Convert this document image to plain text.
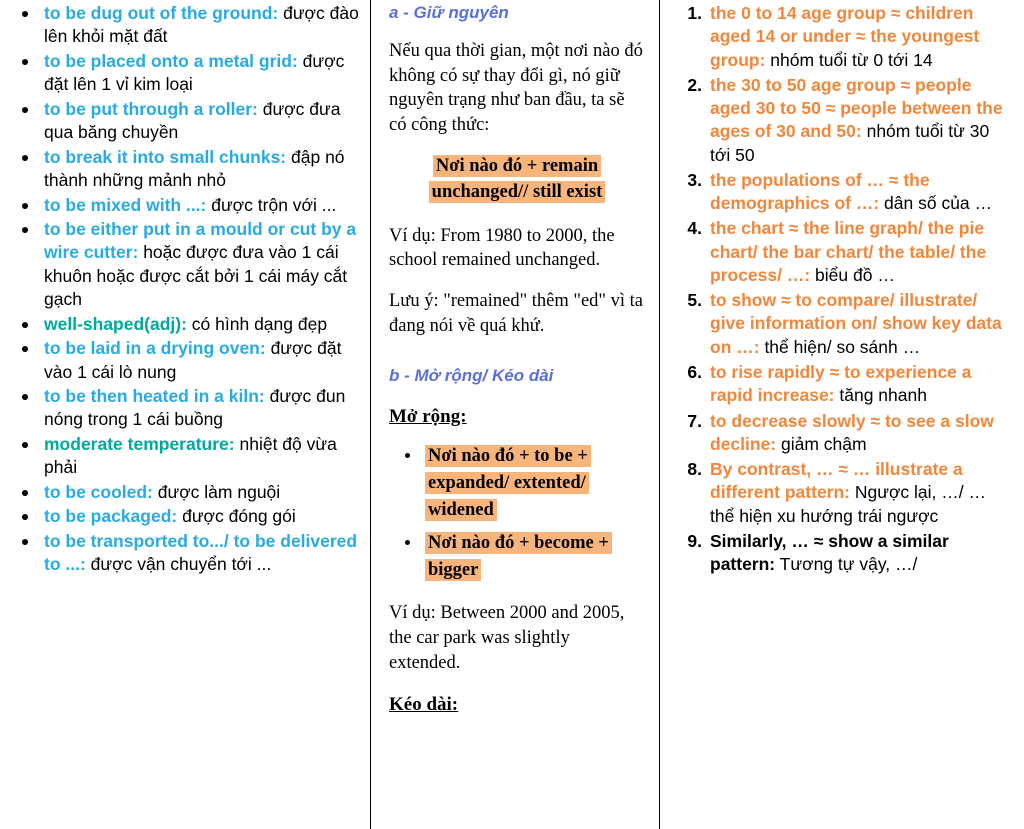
to be dug out of the ground: được đào lên khỏi mặt đất
to be placed onto a metal grid: được đặt lên 1 vỉ kim loại
to be put through a roller: được đưa qua băng chuyền
to break it into small chunks: đập nó thành những mảnh nhỏ
to be mixed with ...: được trộn với ...
to be either put in a mould or cut by a wire cutter: hoặc được đưa vào 1 cái khuôn hoặc được cắt bởi 1 cái máy cắt gạch
well-shaped(adj): có hình dạng đẹp
to be laid in a drying oven: được đặt vào 1 cái lò nung
to be then heated in a kiln: được đun nóng trong 1 cái buồng
moderate temperature: nhiệt độ vừa phải
to be cooled: được làm nguội
to be packaged: được đóng gói
to be transported to.../ to be delivered to ...: được vận chuyển tới ...
a - Giữ nguyên

Nếu qua thời gian, một nơi nào đó không có sự thay đổi gì, nó giữ nguyên trạng như ban đầu, ta sẽ có công thức:

Nơi nào đó + remain unchanged// still exist

Ví dụ: From 1980 to 2000, the school remained unchanged.

Lưu ý: "remained" thêm "ed" vì ta đang nói về quá khứ.

b - Mở rộng/ Kéo dài
Mở rộng:
Nơi nào đó + to be + expanded/ extented/ widened
Nơi nào đó + become + bigger

Ví dụ: Between 2000 and 2005, the car park was slightly extended.

Kéo dài:
the 0 to 14 age group ≈ children aged 14 or under ≈ the youngest group: nhóm tuổi từ 0 tới 14
the 30 to 50 age group ≈ people aged 30 to 50 ≈ people between the ages of 30 and 50: nhóm tuổi từ 30 tới 50
the populations of … ≈ the demographics of …: dân số của …
the chart ≈ the line graph/ the pie chart/ the bar chart/ the table/ the process/ …: biểu đồ …
to show ≈ to compare/ illustrate/ give information on/ show key data on …: thể hiện/ so sánh …
to rise rapidly ≈ to experience a rapid increase: tăng nhanh
to decrease slowly ≈ to see a slow decline: giảm chậm
By contrast, … ≈ … illustrate a different pattern: Ngược lại, …/ … thể hiện xu hướng trái ngược
Similarly, … ≈ show a similar pattern: Tương tự vậy, …/
